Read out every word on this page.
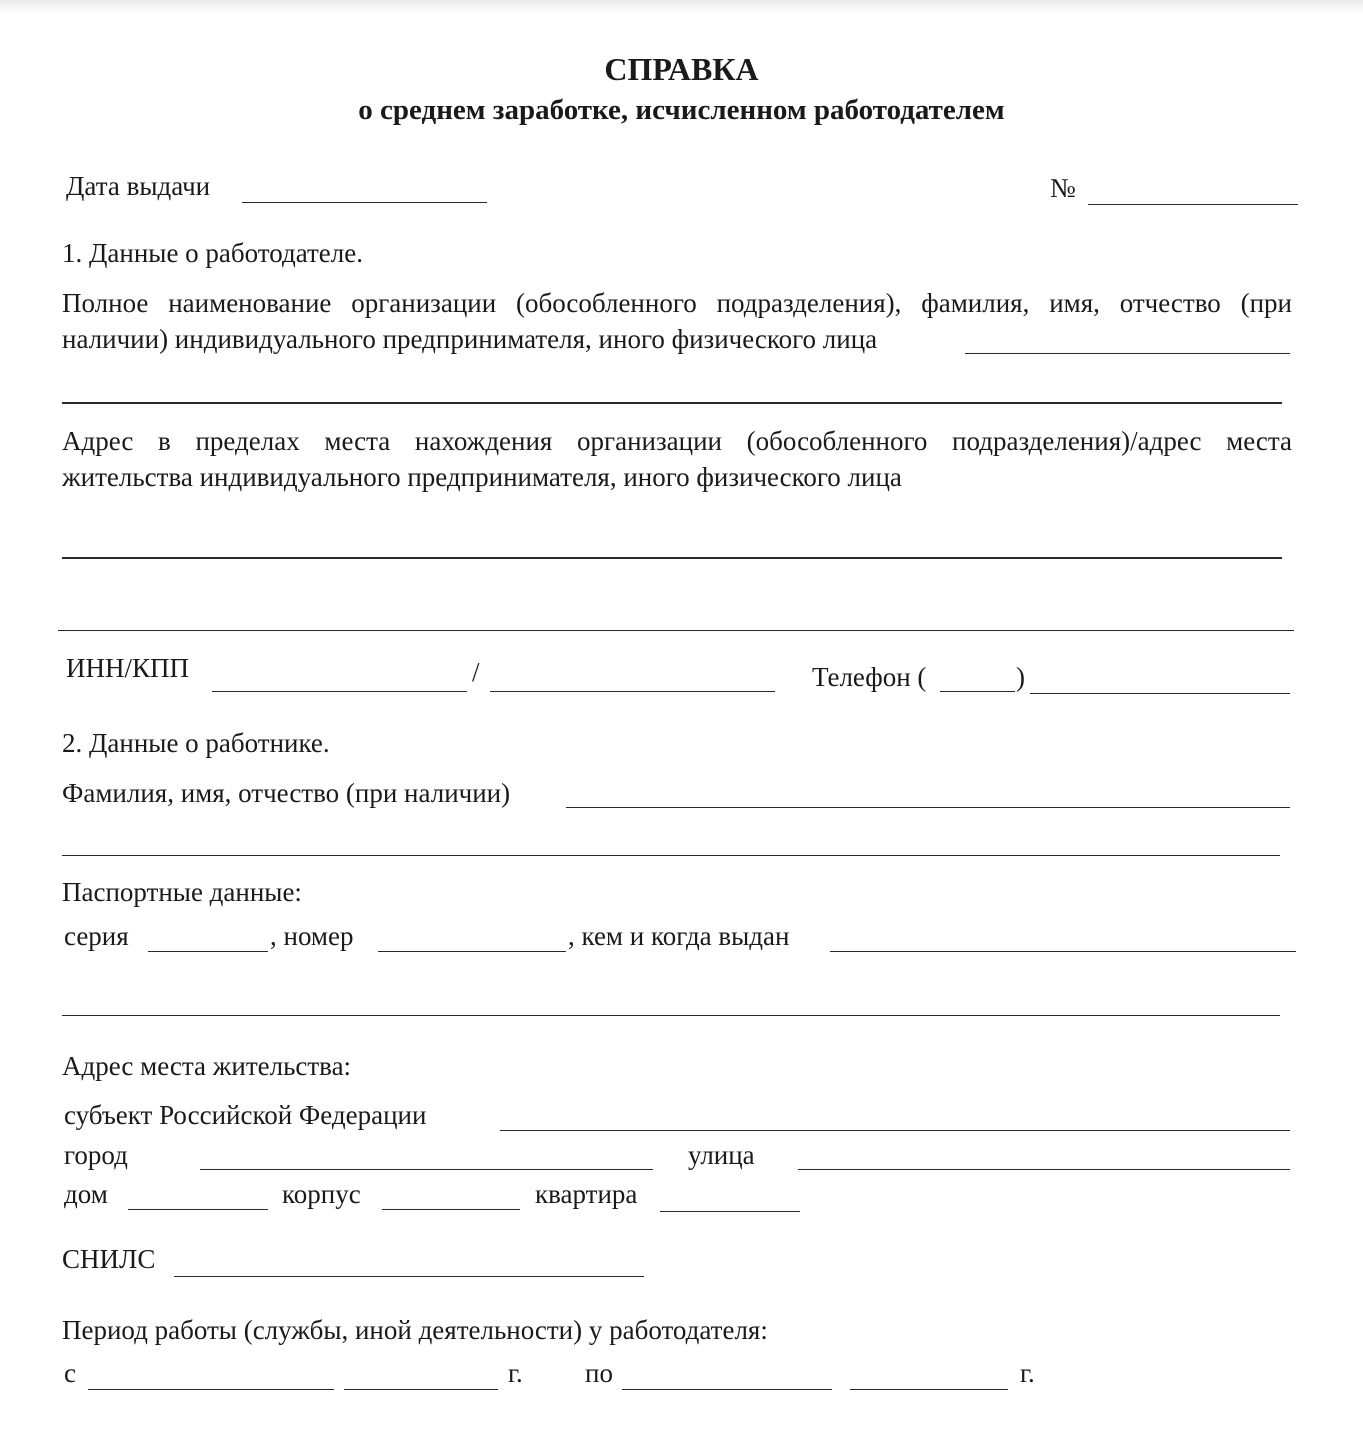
СПРАВКА
о среднем заработке, исчисленном работодателем
Дата выдачи	№
1. Данные о работодателе.
Полное наименование организации (обособленного подразделения), фамилия, имя, отчество (при
наличии) индивидуального предпринимателя, иного физического лица
Адрес в пределах места нахождения организации (обособленного подразделения)/адрес места
жительства индивидуального предпринимателя, иного физического лица
ИНН/КПП	/	Телефон (	)
2. Данные о работнике.
Фамилия, имя, отчество (при наличии)
Паспортные данные:
серия	, номер	, кем и когда выдан
Адрес места жительства:
субъект Российской Федерации
город	улица
дом	корпус	квартира
СНИЛС
Период работы (службы, иной деятельности) у работодателя:
с	г. по	г.
